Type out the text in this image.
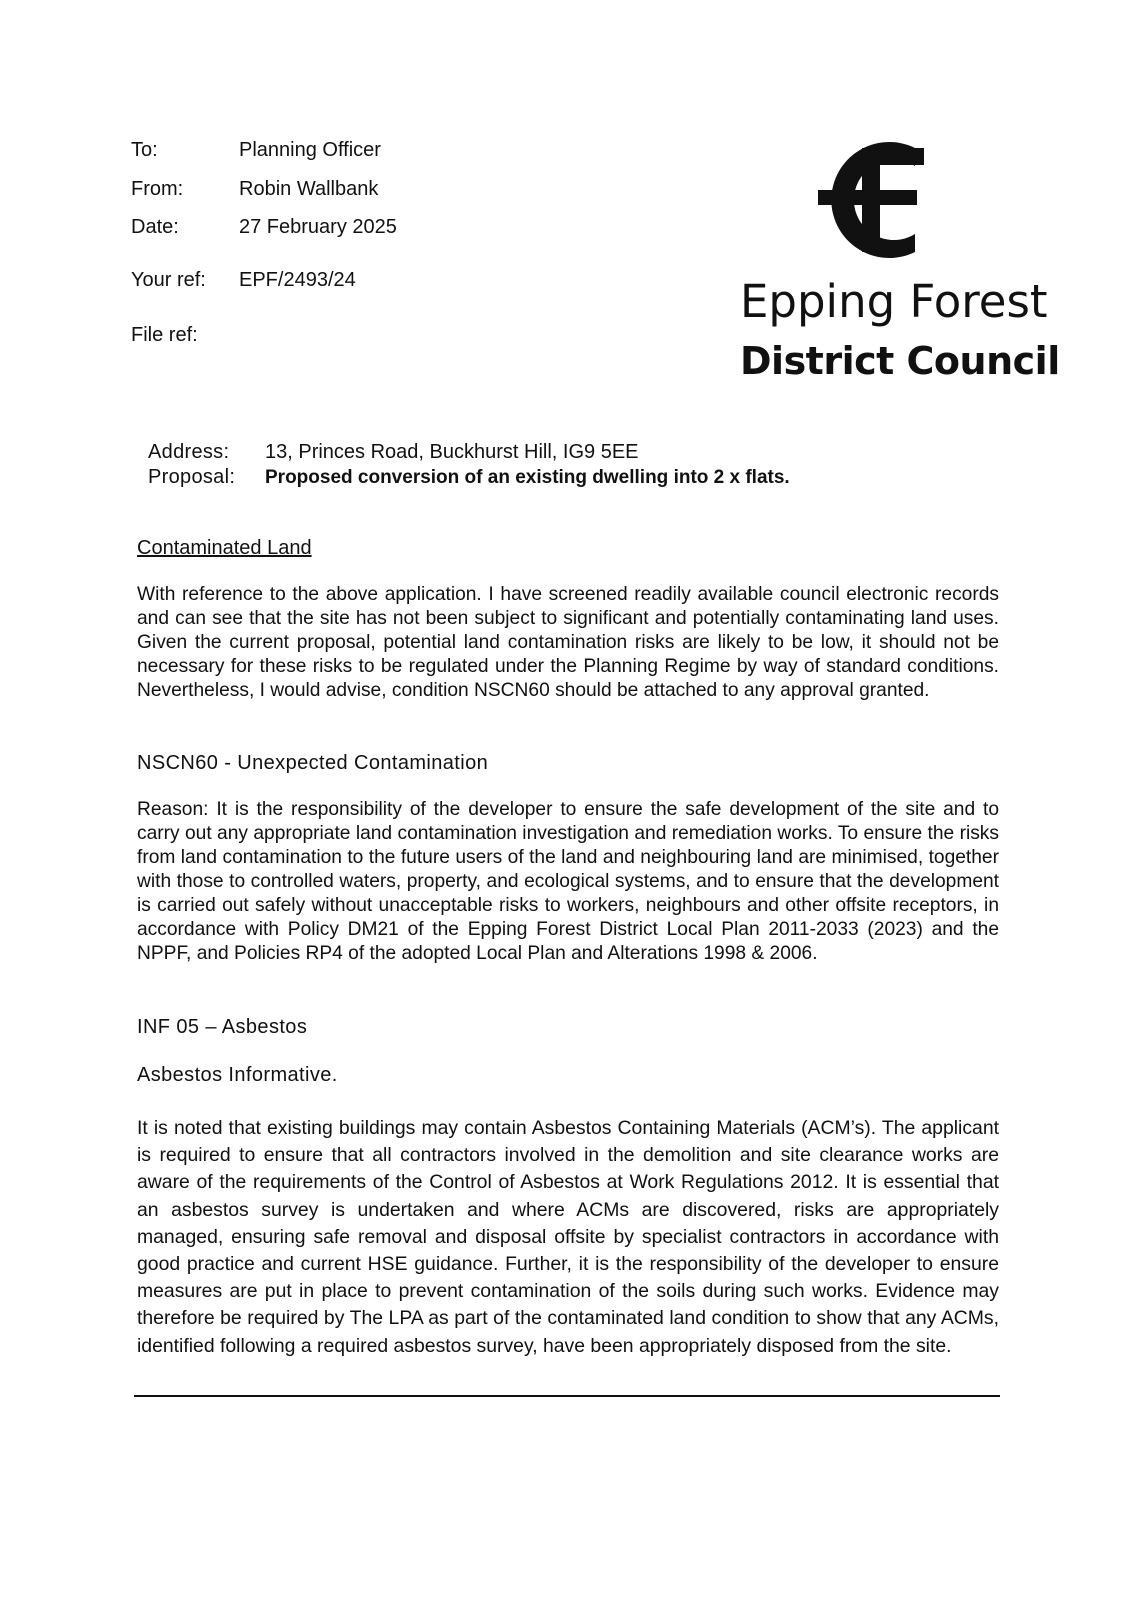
To:	Planning Officer
From:	Robin Wallbank
Date:	27 February 2025
Your ref: EPF/2493/24
File ref:
Epping Forest
District Council
Address: 13, Princes Road, Buckhurst Hill, IG9 5EE
Proposal: Proposed conversion of an existing dwelling into 2 x flats.
Contaminated Land
With reference to the above application. I have screened readily available council electronic records and can see that the site has not been subject to significant and potentially contaminating land uses. Given the current proposal, potential land contamination risks are likely to be low, it should not be necessary for these risks to be regulated under the Planning Regime by way of standard conditions. Nevertheless, I would advise, condition NSCN60 should be attached to any approval granted.
NSCN60 - Unexpected Contamination
Reason: It is the responsibility of the developer to ensure the safe development of the site and to carry out any appropriate land contamination investigation and remediation works. To ensure the risks from land contamination to the future users of the land and neighbouring land are minimised, together with those to controlled waters, property, and ecological systems, and to ensure that the development is carried out safely without unacceptable risks to workers, neighbours and other offsite receptors, in accordance with Policy DM21 of the Epping Forest District Local Plan 2011-2033 (2023) and the NPPF, and Policies RP4 of the adopted Local Plan and Alterations 1998 & 2006.
INF 05 – Asbestos
Asbestos Informative.
It is noted that existing buildings may contain Asbestos Containing Materials (ACM’s). The applicant is required to ensure that all contractors involved in the demolition and site clearance works are aware of the requirements of the Control of Asbestos at Work Regulations 2012. It is essential that an asbestos survey is undertaken and where ACMs are discovered, risks are appropriately managed, ensuring safe removal and disposal offsite by specialist contractors in accordance with good practice and current HSE guidance. Further, it is the responsibility of the developer to ensure measures are put in place to prevent contamination of the soils during such works. Evidence may therefore be required by The LPA as part of the contaminated land condition to show that any ACMs, identified following a required asbestos survey, have been appropriately disposed from the site.
